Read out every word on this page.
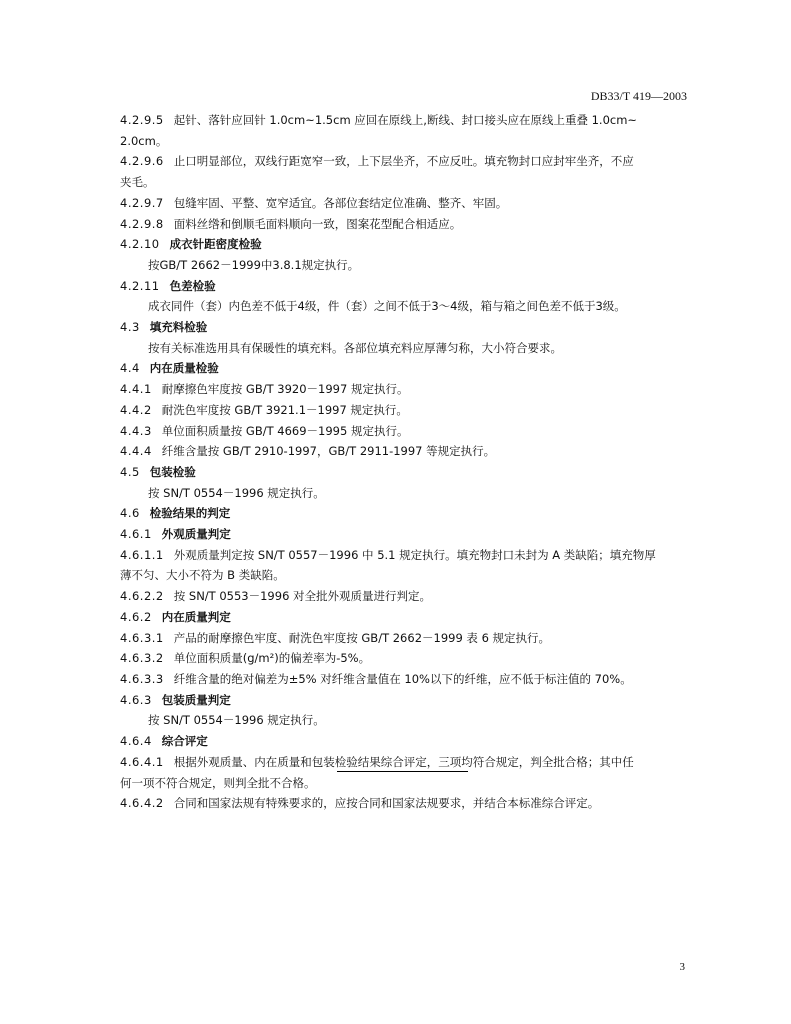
DB33/T 419—2003
4.2.9.5 起针、落针应回针 1.0cm~1.5cm 应回在原线上,断线、封口接头应在原线上重叠 1.0cm~
2.0cm。
4.2.9.6 止口明显部位，双线行距宽窄一致，上下层坐齐，不应反吐。填充物封口应封牢坐齐，不应
夹毛。
4.2.9.7 包缝牢固、平整、宽窄适宜。各部位套结定位准确、整齐、牢固。
4.2.9.8 面料丝绺和倒顺毛面料顺向一致，图案花型配合相适应。
4.2.10 成衣针距密度检验
按GB/T 2662－1999中3.8.1规定执行。
4.2.11 色差检验
成衣同件（套）内色差不低于4级，件（套）之间不低于3～4级，箱与箱之间色差不低于3级。
4.3 填充料检验
按有关标准选用具有保暖性的填充料。各部位填充料应厚薄匀称，大小符合要求。
4.4 内在质量检验
4.4.1 耐摩擦色牢度按 GB/T 3920－1997 规定执行。
4.4.2 耐洗色牢度按 GB/T 3921.1－1997 规定执行。
4.4.3 单位面积质量按 GB/T 4669－1995 规定执行。
4.4.4 纤维含量按 GB/T 2910-1997，GB/T 2911-1997 等规定执行。
4.5 包装检验
按 SN/T 0554－1996 规定执行。
4.6 检验结果的判定
4.6.1 外观质量判定
4.6.1.1 外观质量判定按 SN/T 0557－1996 中 5.1 规定执行。填充物封口未封为 A 类缺陷；填充物厚
薄不匀、大小不符为 B 类缺陷。
4.6.2.2 按 SN/T 0553－1996 对全批外观质量进行判定。
4.6.2 内在质量判定
4.6.3.1 产品的耐摩擦色牢度、耐洗色牢度按 GB/T 2662－1999 表 6 规定执行。
4.6.3.2 单位面积质量(g/m²)的偏差率为-5%。
4.6.3.3 纤维含量的绝对偏差为±5% 对纤维含量值在 10%以下的纤维，应不低于标注值的 70%。
4.6.3 包装质量判定
按 SN/T 0554－1996 规定执行。
4.6.4 综合评定
4.6.4.1 根据外观质量、内在质量和包装检验结果综合评定，三项均符合规定，判全批合格；其中任
何一项不符合规定，则判全批不合格。
4.6.4.2 合同和国家法规有特殊要求的，应按合同和国家法规要求，并结合本标准综合评定。
3
